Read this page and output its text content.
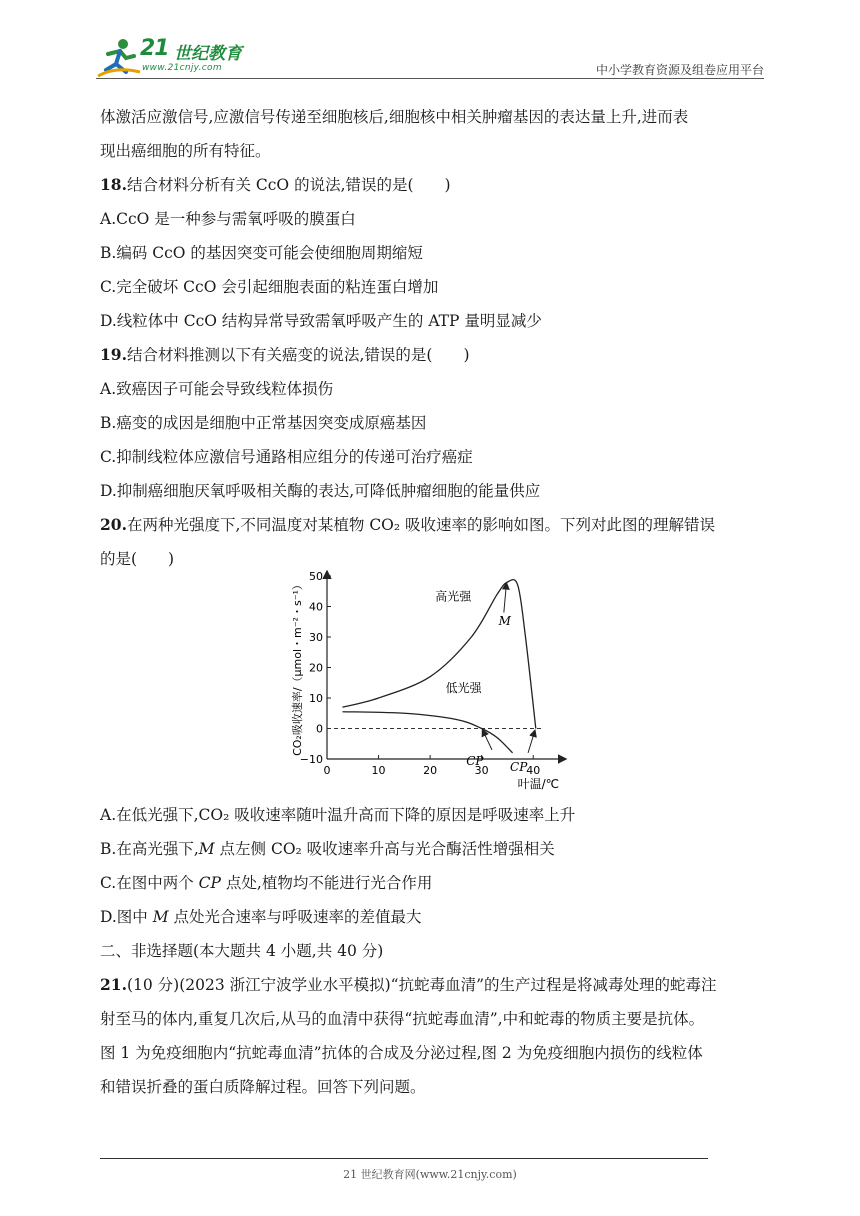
21 世纪教育
www.21cnjy.com	中小学教育资源及组卷应用平台
体激活应激信号,应激信号传递至细胞核后,细胞核中相关肿瘤基因的表达量上升,进而表
现出癌细胞的所有特征。
18.结合材料分析有关 CcO 的说法,错误的是(　　)
A.CcO 是一种参与需氧呼吸的膜蛋白
B.编码 CcO 的基因突变可能会使细胞周期缩短
C.完全破坏 CcO 会引起细胞表面的粘连蛋白增加
D.线粒体中 CcO 结构异常导致需氧呼吸产生的 ATP 量明显减少
19.结合材料推测以下有关癌变的说法,错误的是(　　)
A.致癌因子可能会导致线粒体损伤
B.癌变的成因是细胞中正常基因突变成原癌基因
C.抑制线粒体应激信号通路相应组分的传递可治疗癌症
D.抑制癌细胞厌氧呼吸相关酶的表达,可降低肿瘤细胞的能量供应
20.在两种光强度下,不同温度对某植物 CO₂ 吸收速率的影响如图。下列对此图的理解错误
的是(　　)
−10
0
10
20
30
40
50
0	10	20	30	40
叶温/℃
CO₂吸收速率/（μmol・m⁻²・s⁻¹）	高光强
低光强
M
CP CP
A.在低光强下,CO₂ 吸收速率随叶温升高而下降的原因是呼吸速率上升
B.在高光强下,M 点左侧 CO₂ 吸收速率升高与光合酶活性增强相关
C.在图中两个 CP 点处,植物均不能进行光合作用
D.图中 M 点处光合速率与呼吸速率的差值最大
二、非选择题(本大题共 4 小题,共 40 分)
21.(10 分)(2023 浙江宁波学业水平模拟)“抗蛇毒血清”的生产过程是将减毒处理的蛇毒注
射至马的体内,重复几次后,从马的血清中获得“抗蛇毒血清”,中和蛇毒的物质主要是抗体。
图 1 为免疫细胞内“抗蛇毒血清”抗体的合成及分泌过程,图 2 为免疫细胞内损伤的线粒体
和错误折叠的蛋白质降解过程。回答下列问题。
21 世纪教育网(www.21cnjy.com)
